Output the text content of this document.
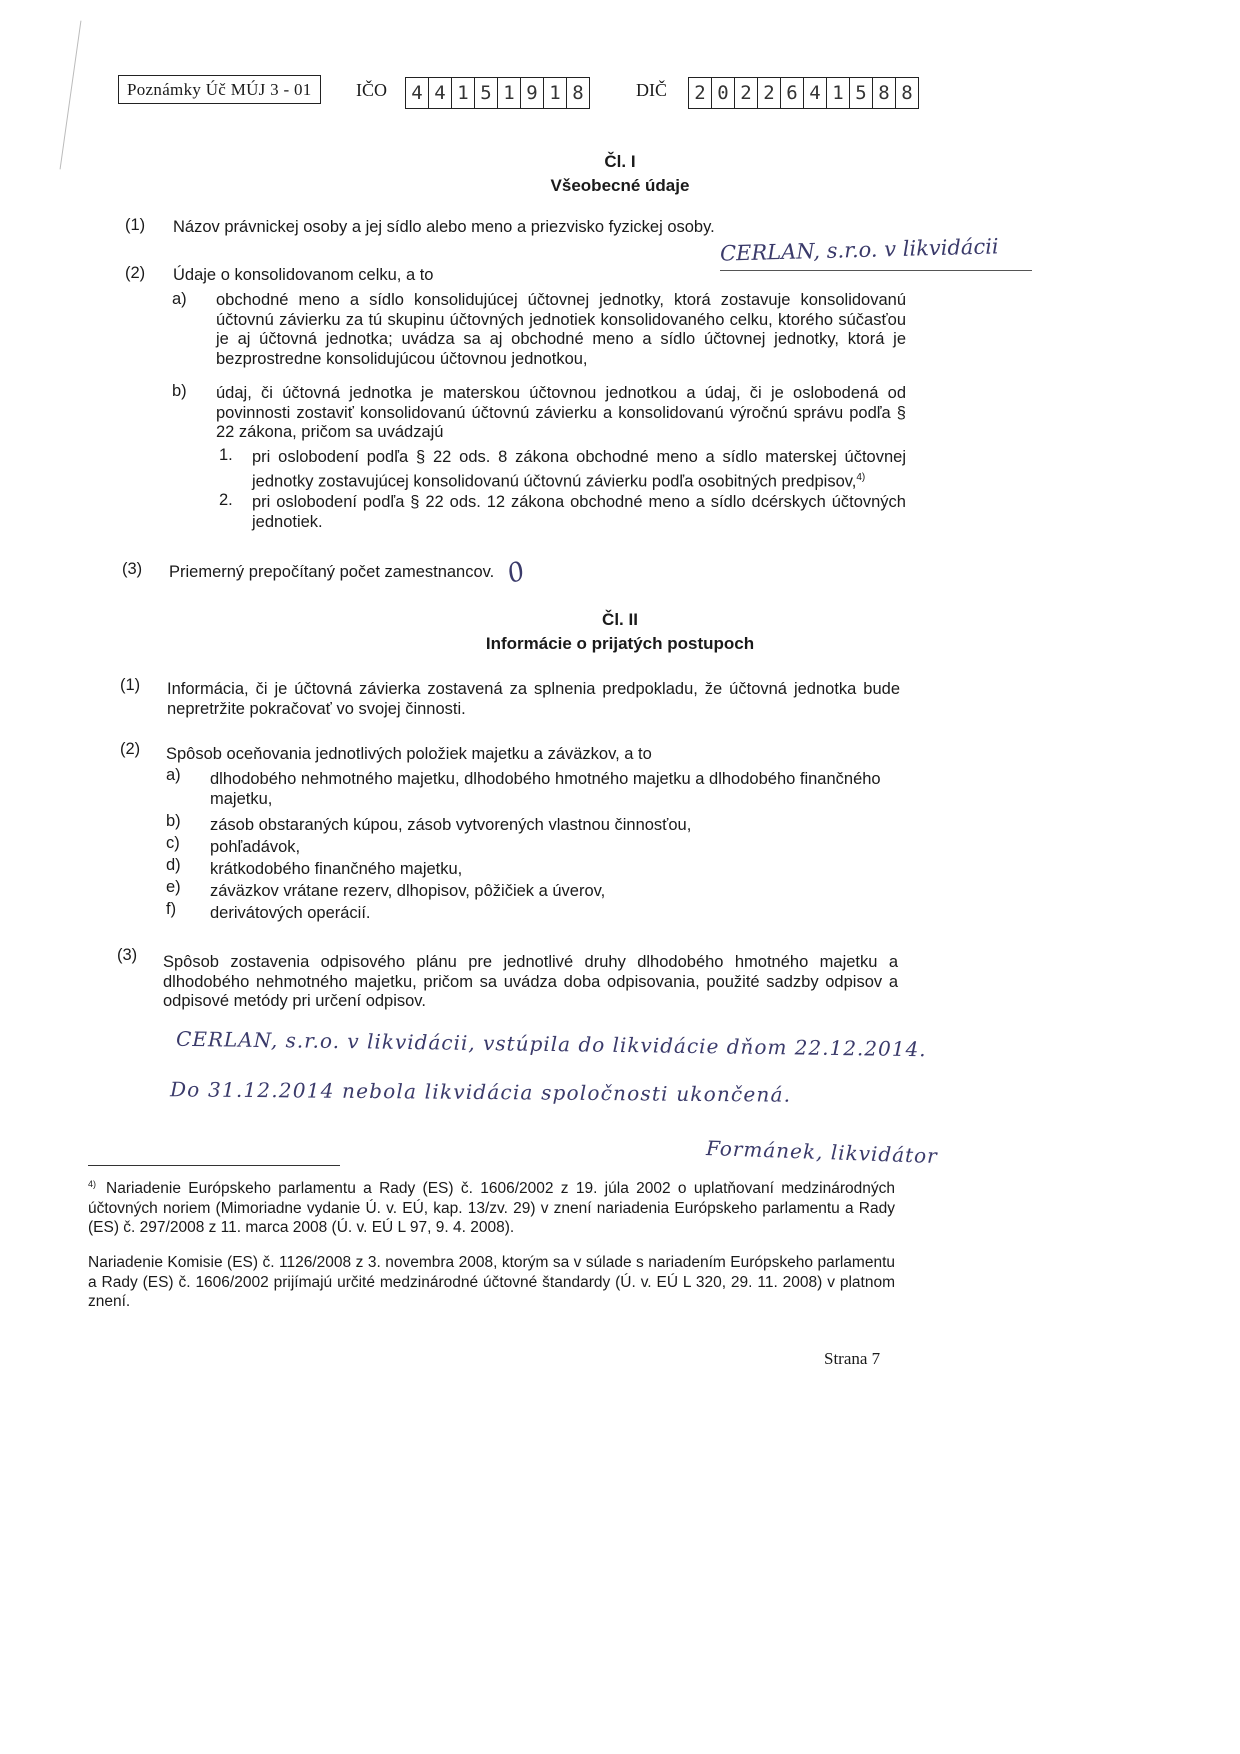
Poznámky Úč MÚJ 3 - 01	IČO 4 4 1 5 1 9 1 8	DIČ 2 0 2 2 6 4 1 5 8 8
Čl. I
Všeobecné údaje
(1) Názov právnickej osoby a jej sídlo alebo meno a priezvisko fyzickej osoby.
CERLAN, s.r.o. v likvidácii
(2) Údaje o konsolidovanom celku, a to
a) obchodné meno a sídlo konsolidujúcej účtovnej jednotky, ktorá zostavuje konsolidovanú účtovnú závierku za tú skupinu účtovných jednotiek konsolidovaného celku, ktorého súčasťou je aj účtovná jednotka; uvádza sa aj obchodné meno a sídlo účtovnej jednotky, ktorá je bezprostredne konsolidujúcou účtovnou jednotkou,
b) údaj, či účtovná jednotka je materskou účtovnou jednotkou a údaj, či je oslobodená od povinnosti zostaviť konsolidovanú účtovnú závierku a konsolidovanú výročnú správu podľa § 22 zákona, pričom sa uvádzajú
1. pri oslobodení podľa § 22 ods. 8 zákona obchodné meno a sídlo materskej účtovnej jednotky zostavujúcej konsolidovanú účtovnú závierku podľa osobitných predpisov,$^{4)}$
2. pri oslobodení podľa § 22 ods. 12 zákona obchodné meno a sídlo dcérskych účtovných jednotiek.
(3) Priemerný prepočítaný počet zamestnancov. 0
Čl. II
Informácie o prijatých postupoch
(1) Informácia, či je účtovná závierka zostavená za splnenia predpokladu, že účtovná jednotka bude nepretržite pokračovať vo svojej činnosti.
(2) Spôsob oceňovania jednotlivých položiek majetku a záväzkov, a to
a) dlhodobého nehmotného majetku, dlhodobého hmotného majetku a dlhodobého finančného majetku,
b) zásob obstaraných kúpou, zásob vytvorených vlastnou činnosťou,
c) pohľadávok,
d) krátkodobého finančného majetku,
e) záväzkov vrátane rezerv, dlhopisov, pôžičiek a úverov,
f) derivátových operácií.
(3) Spôsob zostavenia odpisového plánu pre jednotlivé druhy dlhodobého hmotného majetku a dlhodobého nehmotného majetku, pričom sa uvádza doba odpisovania, použité sadzby odpisov a odpisové metódy pri určení odpisov.
CERLAN, s.r.o. v likvidácii, vstúpila do likvidácie dňom 22.12.2014.
Do 31.12.2014 nebola likvidácia spoločnosti ukončená.
Formánek, likvidátor
$^{4)}$ Nariadenie Európskeho parlamentu a Rady (ES) č. 1606/2002 z 19. júla 2002 o uplatňovaní medzinárodných účtovných noriem (Mimoriadne vydanie Ú. v. EÚ, kap. 13/zv. 29) v znení nariadenia Európskeho parlamentu a Rady (ES) č. 297/2008 z 11. marca 2008 (Ú. v. EÚ L 97, 9. 4. 2008).
Nariadenie Komisie (ES) č. 1126/2008 z 3. novembra 2008, ktorým sa v súlade s nariadením Európskeho parlamentu a Rady (ES) č. 1606/2002 prijímajú určité medzinárodné účtovné štandardy (Ú. v. EÚ L 320, 29. 11. 2008) v platnom znení.
Strana 7
